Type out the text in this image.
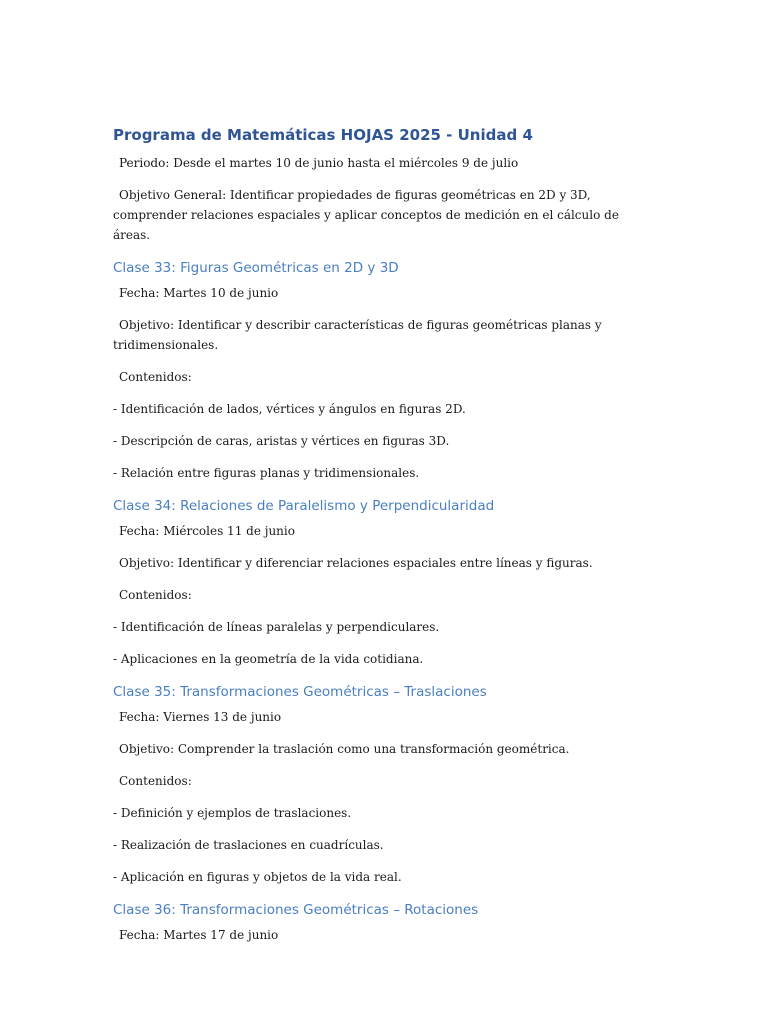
Programa de Matemáticas HOJAS 2025 - Unidad 4

Periodo: Desde el martes 10 de junio hasta el miércoles 9 de julio

Objetivo General: Identificar propiedades de figuras geométricas en 2D y 3D, comprender relaciones espaciales y aplicar conceptos de medición en el cálculo de áreas.

Clase 33: Figuras Geométricas en 2D y 3D

Fecha: Martes 10 de junio

Objetivo: Identificar y describir características de figuras geométricas planas y tridimensionales.

Contenidos:

- Identificación de lados, vértices y ángulos en figuras 2D.

- Descripción de caras, aristas y vértices en figuras 3D.

- Relación entre figuras planas y tridimensionales.

Clase 34: Relaciones de Paralelismo y Perpendicularidad

Fecha: Miércoles 11 de junio

Objetivo: Identificar y diferenciar relaciones espaciales entre líneas y figuras.

Contenidos:

- Identificación de líneas paralelas y perpendiculares.

- Aplicaciones en la geometría de la vida cotidiana.

Clase 35: Transformaciones Geométricas – Traslaciones

Fecha: Viernes 13 de junio

Objetivo: Comprender la traslación como una transformación geométrica.

Contenidos:

- Definición y ejemplos de traslaciones.

- Realización de traslaciones en cuadrículas.

- Aplicación en figuras y objetos de la vida real.

Clase 36: Transformaciones Geométricas – Rotaciones

Fecha: Martes 17 de junio
